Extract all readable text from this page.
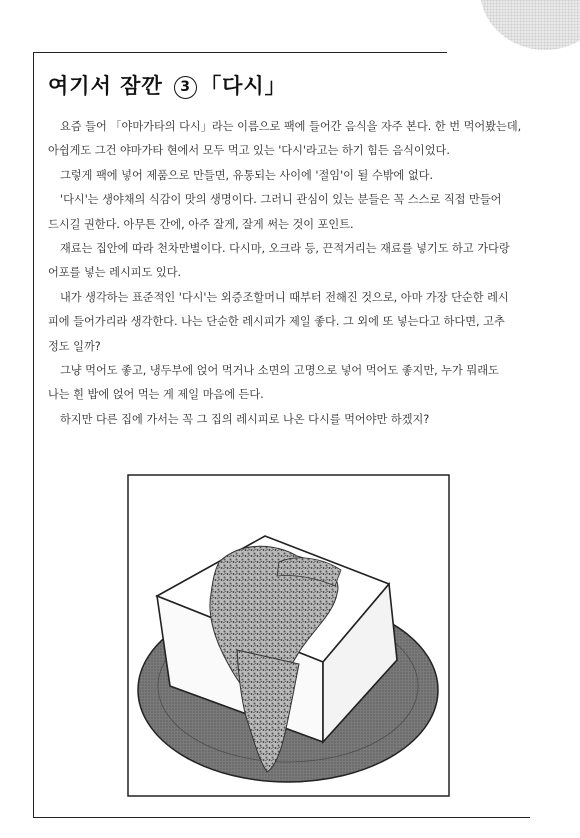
여기서 잠깐 3 「다시」

요즘 들어 「야마가타의 다시」라는 이름으로 팩에 들어간 음식을 자주 본다. 한 번 먹어봤는데,
아쉽게도 그건 야마가타 현에서 모두 먹고 있는 '다시'라고는 하기 힘든 음식이었다.

그렇게 팩에 넣어 제품으로 만들면, 유통되는 사이에 '절임'이 될 수밖에 없다.

'다시'는 생야채의 식감이 맛의 생명이다. 그러니 관심이 있는 분들은 꼭 스스로 직접 만들어
드시길 권한다. 아무튼 간에, 아주 잘게, 잘게 써는 것이 포인트.

재료는 집안에 따라 천차만별이다. 다시마, 오크라 등, 끈적거리는 재료를 넣기도 하고 가다랑
어포를 넣는 레시피도 있다.

내가 생각하는 표준적인 '다시'는 외증조할머니 때부터 전해진 것으로, 아마 가장 단순한 레시
피에 들어가리라 생각한다. 나는 단순한 레시피가 제일 좋다. 그 외에 또 넣는다고 하다면, 고추
정도 일까?

그냥 먹어도 좋고, 냉두부에 얹어 먹거나 소면의 고명으로 넣어 먹어도 좋지만, 누가 뭐래도
나는 흰 밥에 얹어 먹는 게 제일 마음에 든다.

하지만 다른 집에 가서는 꼭 그 집의 레시피로 나온 다시를 먹어야만 하겠지?
